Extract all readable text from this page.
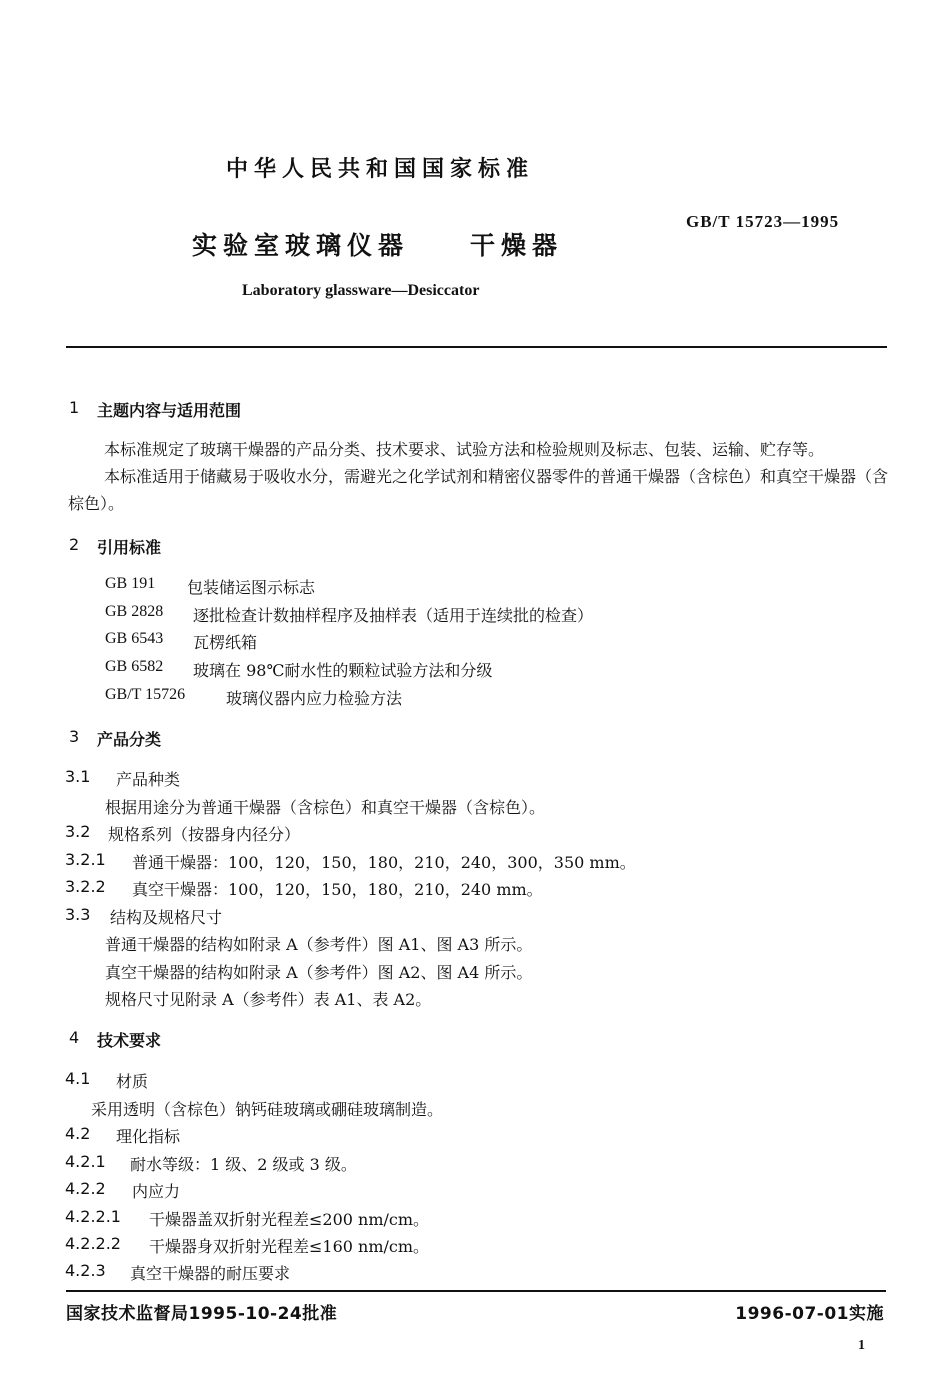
中华人民共和国国家标准
GB/T 15723—1995
实验室玻璃仪器 干燥器
Laboratory glassware—Desiccator
1 主题内容与适用范围

本标准规定了玻璃干燥器的产品分类、技术要求、试验方法和检验规则及标志、包装、运输、贮存等。

本标准适用于储藏易于吸收水分，需避光之化学试剂和精密仪器零件的普通干燥器（含棕色）和真空干燥器（含棕色）。

2 引用标准
GB 191 包装储运图示标志
GB 2828 逐批检查计数抽样程序及抽样表（适用于连续批的检查）
GB 6543 瓦楞纸箱
GB 6582 玻璃在 98℃耐水性的颗粒试验方法和分级
GB/T 15726	玻璃仪器内应力检验方法
3 产品分类
3.1 产品种类
根据用途分为普通干燥器（含棕色）和真空干燥器（含棕色）。
3.2 规格系列（按器身内径分）
3.2.1 普通干燥器：100，120，150，180，210，240，300，350 mm。
3.2.2 真空干燥器：100，120，150，180，210，240 mm。
3.3 结构及规格尺寸
普通干燥器的结构如附录 A（参考件）图 A1、图 A3 所示。
真空干燥器的结构如附录 A（参考件）图 A2、图 A4 所示。
规格尺寸见附录 A（参考件）表 A1、表 A2。
4 技术要求
4.1 材质
采用透明（含棕色）钠钙硅玻璃或硼硅玻璃制造。
4.2 理化指标
4.2.1 耐水等级：1 级、2 级或 3 级。
4.2.2 内应力
4.2.2.1 干燥器盖双折射光程差≤200 nm/cm。
4.2.2.2 干燥器身双折射光程差≤160 nm/cm。
4.2.3 真空干燥器的耐压要求
国家技术监督局1995-10-24批准	1996-07-01实施
1
